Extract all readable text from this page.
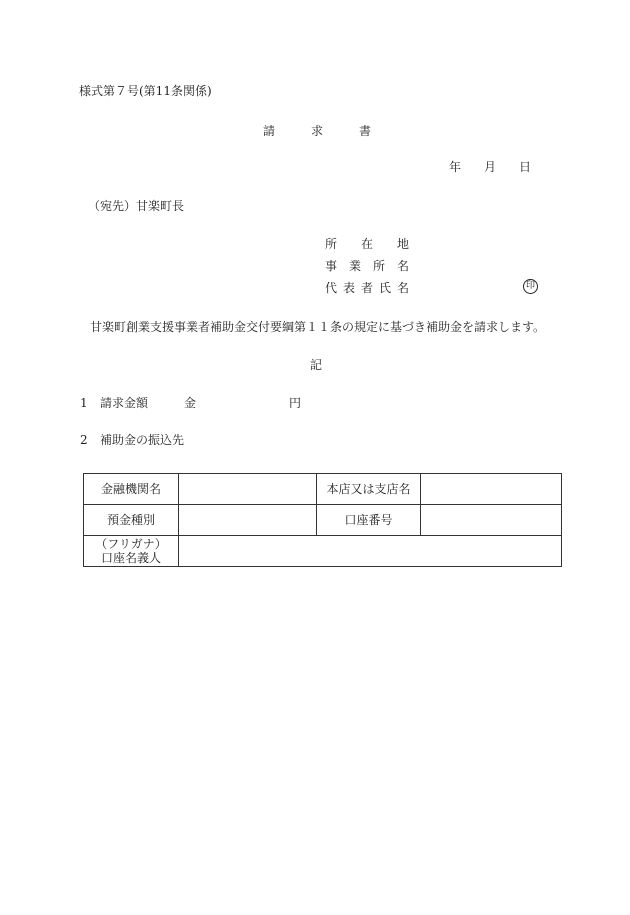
様式第７号(第11条関係)
請	求	書
年 月 日
（宛先）甘楽町長
所 在 地
事 業 所 名
代 表 者 氏 名	印
甘楽町創業支援事業者補助金交付要綱第１１条の規定に基づき補助金を請求します。
記
1 請求金額	金	円
2 補助金の振込先
金融機関名		本店又は支店名	
預金種別		口座番号	

（フリガナ）
口座名義人			
